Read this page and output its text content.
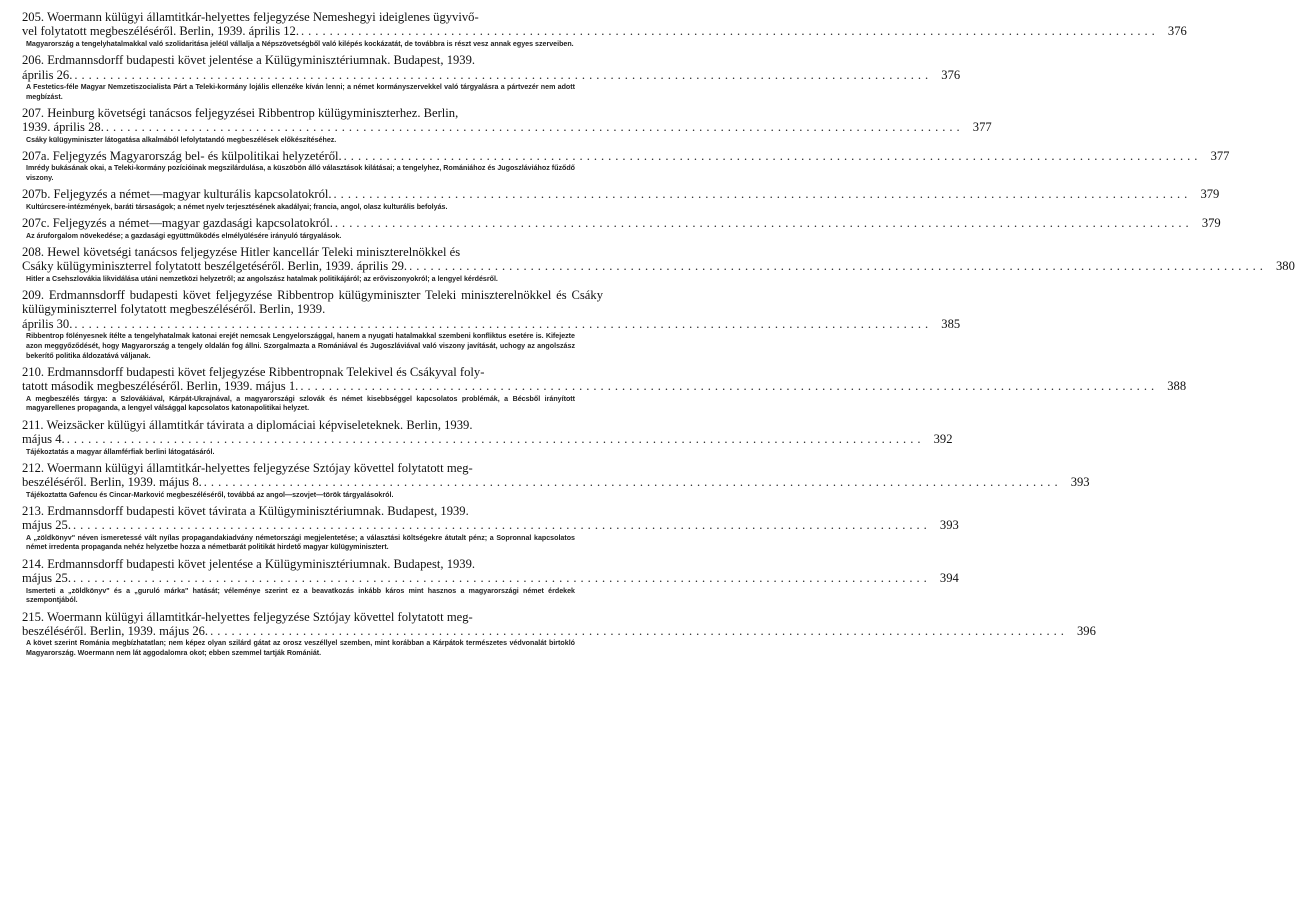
205. Woermann külügyi államtitkár-helyettes feljegyzése Nemeshegyi ideiglenes ügyvivő-
vel folytatott megbeszéléséről. Berlin, 1939. április 12. ........................................................................................................................ 376
Magyarország a tengelyhatalmakkal való szolidaritása jeléül vállalja a Népszövetségből való kilépés kockázatát, de továbbra is részt vesz annak egyes szerveiben.
206. Erdmannsdorff budapesti követ jelentése a Külügyminisztériumnak. Budapest, 1939.
április 26. ........................................................................................................................ 376
A Festetics-féle Magyar Nemzetiszocialista Párt a Teleki-kormány lojális ellenzéke kíván lenni; a német kormányszervekkel való tárgyalásra a pártvezér nem adott megbízást.
207. Heinburg követségi tanácsos feljegyzései Ribbentrop külügyminiszterhez. Berlin,
1939. április 28. ........................................................................................................................ 377
Csáky külügyminiszter látogatása alkalmából lefolytatandó megbeszélések előkészítéséhez.
207a. Feljegyzés Magyarország bel- és külpolitikai helyzetéről. ........................................................................................................................ 377
Imrédy bukásának okai, a Teleki-kormány pozícióinak megszilárdulása, a küszöbön álló választások kilátásai; a tengelyhez, Romániához és Jugoszláviához fűződő viszony.
207b. Feljegyzés a német—magyar kulturális kapcsolatokról. ........................................................................................................................ 379
Kultúrcsere-intézmények, baráti társaságok; a német nyelv terjesztésének akadályai; francia, angol, olasz kulturális befolyás.
207c. Feljegyzés a német—magyar gazdasági kapcsolatokról. ........................................................................................................................ 379
Az áruforgalom növekedése; a gazdasági együttműködés elmélyülésére irányuló tárgyalások.
208. Hewel követségi tanácsos feljegyzése Hitler kancellár Teleki miniszterelnökkel és
Csáky külügyminiszterrel folytatott beszélgetéséről. Berlin, 1939. április 29. ........................................................................................................................ 380
Hitler a Csehszlovákia likvidálása utáni nemzetközi helyzetről; az angolszász hatalmak politikájáról; az erőviszonyokról; a lengyel kérdésről.
209. Erdmannsdorff budapesti követ feljegyzése Ribbentrop külügyminiszter Teleki miniszterelnökkel és Csáky külügyminiszterrel folytatott megbeszéléséről. Berlin, 1939.
április 30. ........................................................................................................................ 385
Ribbentrop fölényesnek ítélte a tengelyhatalmak katonai erejét nemcsak Lengyelországgal, hanem a nyugati hatalmakkal szembeni konfliktus esetére is. Kifejezte azon meggyőződését, hogy Magyarország a tengely oldalán fog állni. Szorgalmazta a Romániával és Jugoszláviával való viszony javítását, uchogy az angolszász bekerítő politika áldozatává váljanak.
210. Erdmannsdorff budapesti követ feljegyzése Ribbentropnak Telekivel és Csákyval foly-
tatott második megbeszéléséről. Berlin, 1939. május 1. ........................................................................................................................ 388
A megbeszélés tárgya: a Szlovákiával, Kárpát-Ukrajnával, a magyarországi szlovák és német kisebbséggel kapcsolatos problémák, a Bécsből irányított magyarellenes propaganda, a lengyel válsággal kapcsolatos katonapolitikai helyzet.
211. Weizsäcker külügyi államtitkár távirata a diplomáciai képviseleteknek. Berlin, 1939.
május 4. ........................................................................................................................ 392
Tájékoztatás a magyar államférfiak berlini látogatásáról.
212. Woermann külügyi államtitkár-helyettes feljegyzése Sztójay követtel folytatott meg-
beszéléséről. Berlin, 1939. május 8. ........................................................................................................................ 393
Tájékoztatta Gafencu és Cincar-Marković megbeszéléséről, továbbá az angol—szovjet—török tárgyalásokról.
213. Erdmannsdorff budapesti követ távirata a Külügyminisztériumnak. Budapest, 1939.
május 25. ........................................................................................................................ 393
A „zöldkönyv" néven ismeretessé vált nyílas propagandakiadvány németországi megjelentetése; a választási költségekre átutalt pénz; a Sopronnal kapcsolatos német irredenta propaganda nehéz helyzetbe hozza a németbarát politikát hirdető magyar külügyminisztert.
214. Erdmannsdorff budapesti követ jelentése a Külügyminisztériumnak. Budapest, 1939.
május 25. ........................................................................................................................ 394
Ismerteti a „zöldkönyv" és a „guruló márka" hatását; véleménye szerint ez a beavatkozás inkább káros mint hasznos a magyarországi német érdekek szempontjából.
215. Woermann külügyi államtitkár-helyettes feljegyzése Sztójay követtel folytatott meg-
beszéléséről. Berlin, 1939. május 26. ........................................................................................................................ 396
A követ szerint Románia megbízhatatlan; nem képez olyan szilárd gátat az orosz veszéllyel szemben, mint korábban a Kárpátok természetes védvonalát birtokló Magyarország. Woermann nem lát aggodalomra okot; ebben szemmel tartják Romániát.
